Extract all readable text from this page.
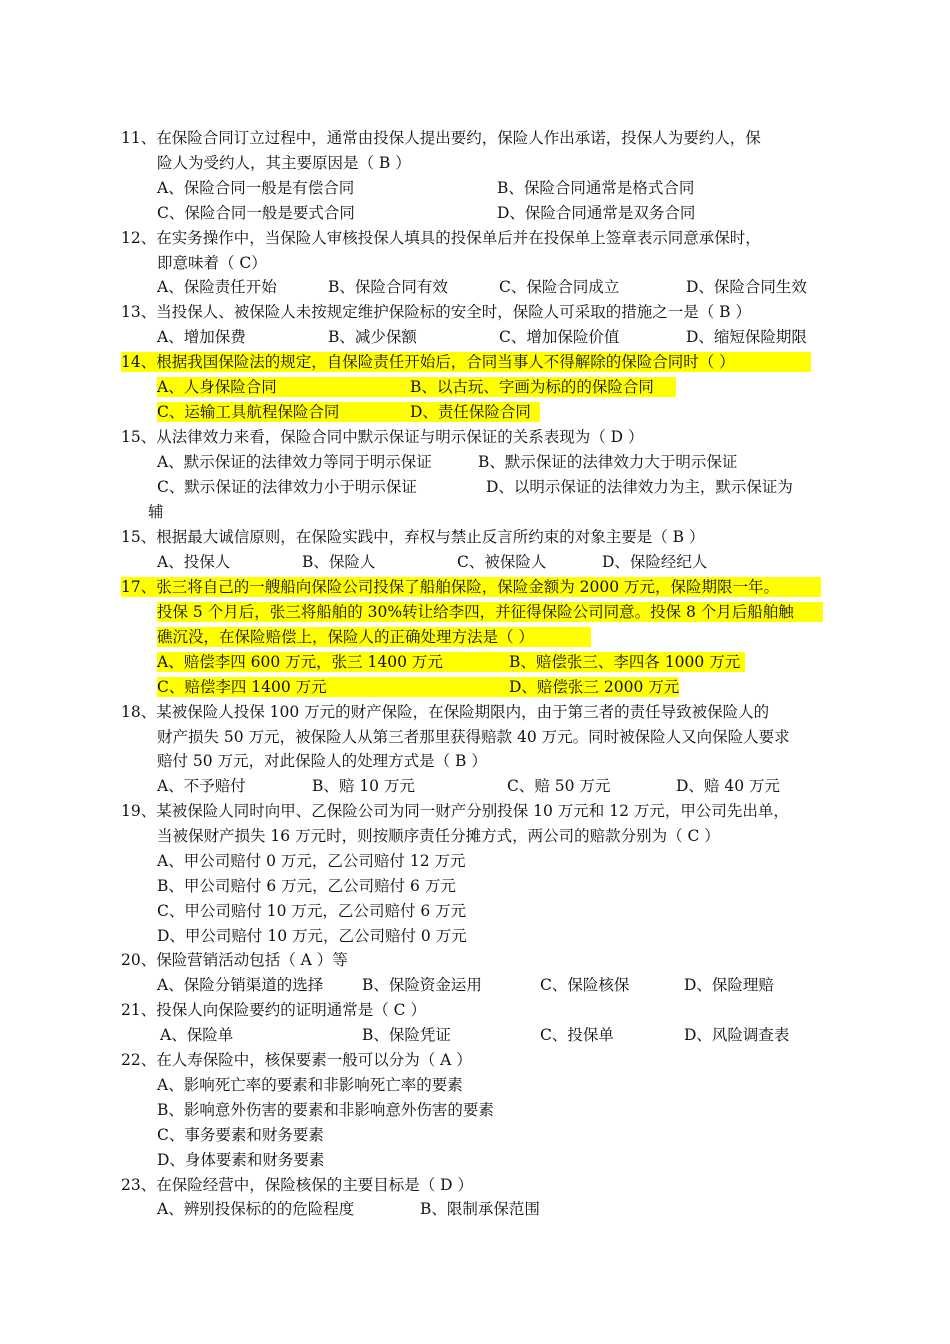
11、在保险合同订立过程中，通常由投保人提出要约，保险人作出承诺，投保人为要约人，保
险人为受约人，其主要原因是（ B ）
A、保险合同一般是有偿合同	B、保险合同通常是格式合同
C、保险合同一般是要式合同	D、保险合同通常是双务合同
12、在实务操作中，当保险人审核投保人填具的投保单后并在投保单上签章表示同意承保时，
即意味着（ C）
A、保险责任开始	B、保险合同有效	C、保险合同成立	D、保险合同生效
13、当投保人、被保险人未按规定维护保险标的安全时，保险人可采取的措施之一是（ B ）
A、增加保费	B、减少保额	C、增加保险价值	D、缩短保险期限
14、根据我国保险法的规定，自保险责任开始后，合同当事人不得解除的保险合同时（ ）
A、人身保险合同	B、以古玩、字画为标的的保险合同
C、运输工具航程保险合同	D、责任保险合同
15、从法律效力来看，保险合同中默示保证与明示保证的关系表现为（ D ）
A、默示保证的法律效力等同于明示保证	B、默示保证的法律效力大于明示保证
C、默示保证的法律效力小于明示保证	D、以明示保证的法律效力为主，默示保证为
辅
15、根据最大诚信原则，在保险实践中，弃权与禁止反言所约束的对象主要是（ B ）
A、投保人	B、保险人	C、被保险人	D、保险经纪人
17、张三将自己的一艘船向保险公司投保了船舶保险，保险金额为 2000 万元，保险期限一年。
投保 5 个月后，张三将船舶的 30%转让给李四，并征得保险公司同意。投保 8 个月后船舶触
礁沉没，在保险赔偿上，保险人的正确处理方法是（ ）
A、赔偿李四 600 万元，张三 1400 万元	B、赔偿张三、李四各 1000 万元
C、赔偿李四 1400 万元	D、赔偿张三 2000 万元
18、某被保险人投保 100 万元的财产保险，在保险期限内，由于第三者的责任导致被保险人的
财产损失 50 万元，被保险人从第三者那里获得赔款 40 万元。同时被保险人又向保险人要求
赔付 50 万元，对此保险人的处理方式是（ B ）
A、不予赔付	B、赔 10 万元	C、赔 50 万元	D、赔 40 万元
19、某被保险人同时向甲、乙保险公司为同一财产分别投保 10 万元和 12 万元，甲公司先出单，
当被保财产损失 16 万元时，则按顺序责任分摊方式，两公司的赔款分别为（ C ）
A、甲公司赔付 0 万元，乙公司赔付 12 万元
B、甲公司赔付 6 万元，乙公司赔付 6 万元
C、甲公司赔付 10 万元，乙公司赔付 6 万元
D、甲公司赔付 10 万元，乙公司赔付 0 万元
20、保险营销活动包括（ A ）等
A、保险分销渠道的选择	B、保险资金运用	C、保险核保	D、保险理赔
21、投保人向保险要约的证明通常是（ C ）
A、保险单	B、保险凭证	C、投保单	D、风险调查表
22、在人寿保险中，核保要素一般可以分为（ A ）
A、影响死亡率的要素和非影响死亡率的要素
B、影响意外伤害的要素和非影响意外伤害的要素
C、事务要素和财务要素
D、身体要素和财务要素
23、在保险经营中，保险核保的主要目标是（ D ）
A、辨别投保标的的危险程度	B、限制承保范围
